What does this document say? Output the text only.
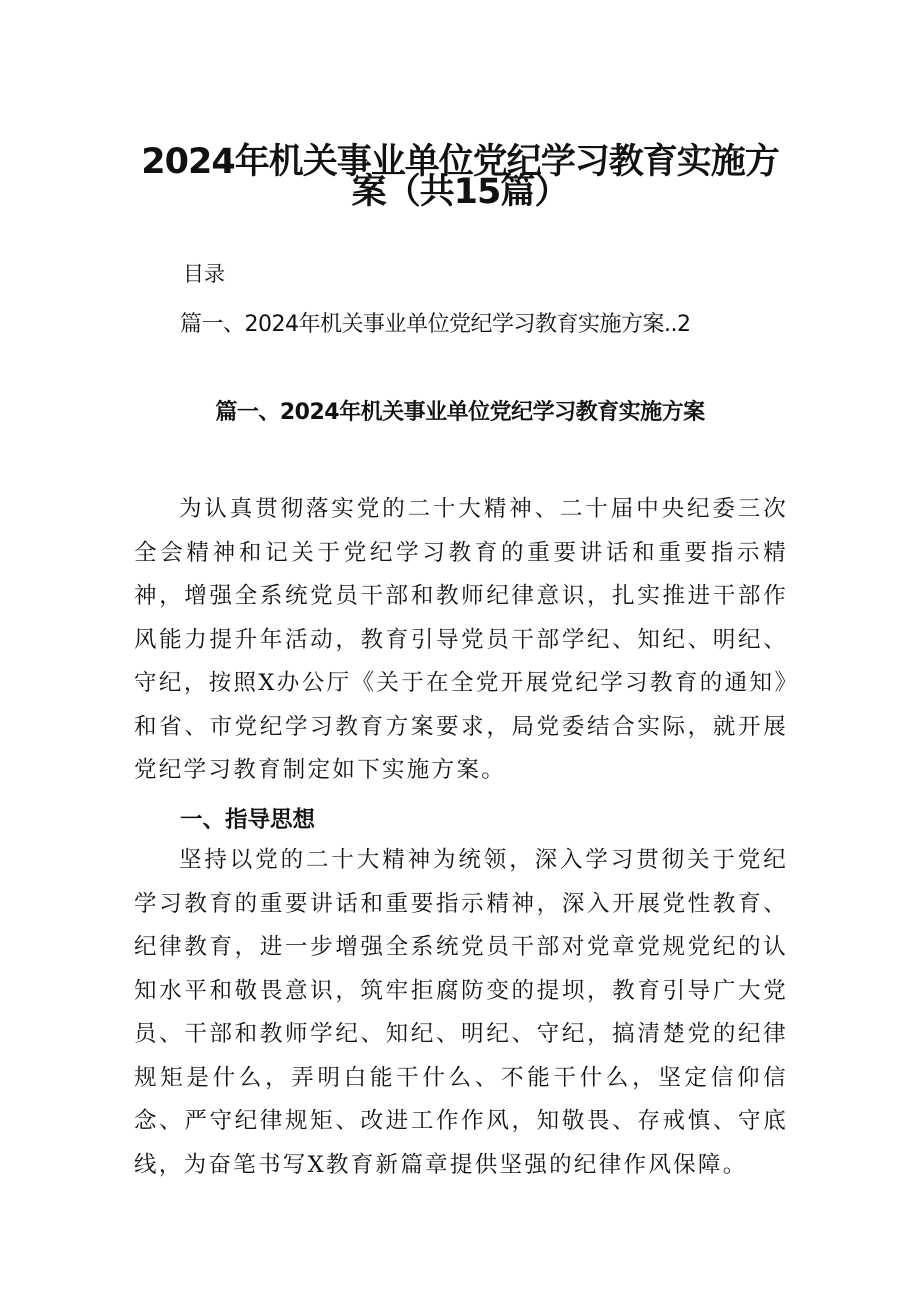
2024年机关事业单位党纪学习教育实施方
案（共15篇）

目录

篇一、2024年机关事业单位党纪学习教育实施方案..2

篇一、2024年机关事业单位党纪学习教育实施方案

为认真贯彻落实党的二十大精神、二十届中央纪委三次全会精神和记关于党纪学习教育的重要讲话和重要指示精神，增强全系统党员干部和教师纪律意识，扎实推进干部作风能力提升年活动，教育引导党员干部学纪、知纪、明纪、守纪，按照X办公厅《关于在全党开展党纪学习教育的通知》和省、市党纪学习教育方案要求，局党委结合实际，就开展党纪学习教育制定如下实施方案。

一、指导思想

坚持以党的二十大精神为统领，深入学习贯彻关于党纪学习教育的重要讲话和重要指示精神，深入开展党性教育、纪律教育，进一步增强全系统党员干部对党章党规党纪的认知水平和敬畏意识，筑牢拒腐防变的提坝，教育引导广大党员、干部和教师学纪、知纪、明纪、守纪，搞清楚党的纪律规矩是什么，弄明白能干什么、不能干什么，坚定信仰信念、严守纪律规矩、改进工作作风，知敬畏、存戒慎、守底线，为奋笔书写X教育新篇章提供坚强的纪律作风保障。
